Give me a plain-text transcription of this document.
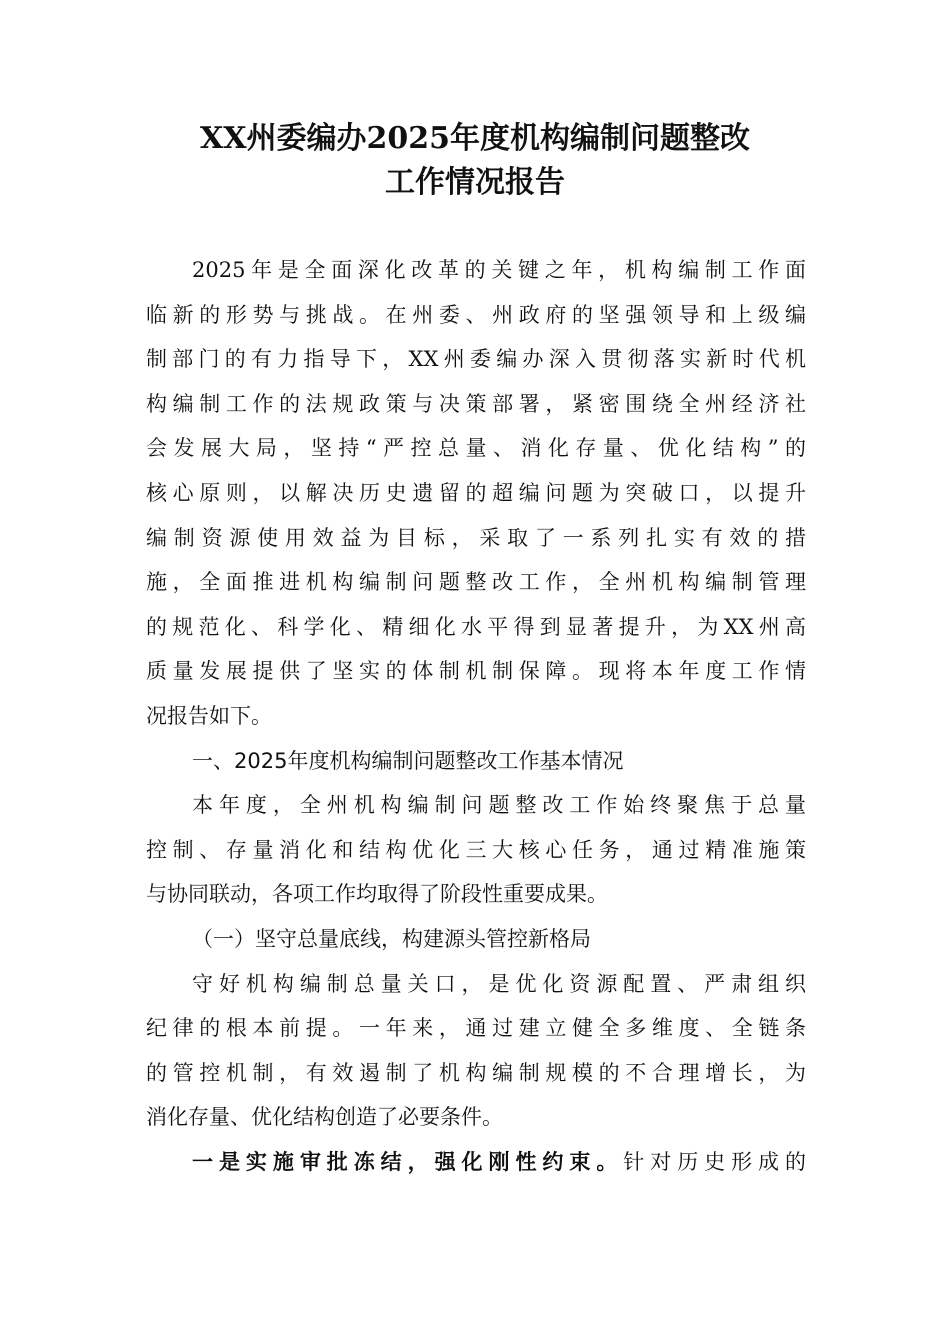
XX州委编办2025年度机构编制问题整改
工作情况报告
2025年是全面深化改革的关键之年，机构编制工作面
临新的形势与挑战。在州委、州政府的坚强领导和上级编
制部门的有力指导下，XX州委编办深入贯彻落实新时代机
构编制工作的法规政策与决策部署，紧密围绕全州经济社
会发展大局，坚持“严控总量、消化存量、优化结构”的
核心原则，以解决历史遗留的超编问题为突破口，以提升
编制资源使用效益为目标，采取了一系列扎实有效的措
施，全面推进机构编制问题整改工作，全州机构编制管理
的规范化、科学化、精细化水平得到显著提升，为XX州高
质量发展提供了坚实的体制机制保障。现将本年度工作情
况报告如下。
一、2025年度机构编制问题整改工作基本情况
本年度，全州机构编制问题整改工作始终聚焦于总量
控制、存量消化和结构优化三大核心任务，通过精准施策
与协同联动，各项工作均取得了阶段性重要成果。
（一）坚守总量底线，构建源头管控新格局
守好机构编制总量关口，是优化资源配置、严肃组织
纪律的根本前提。一年来，通过建立健全多维度、全链条
的管控机制，有效遏制了机构编制规模的不合理增长，为
消化存量、优化结构创造了必要条件。
一是实施审批冻结，强化刚性约束。针对历史形成的
